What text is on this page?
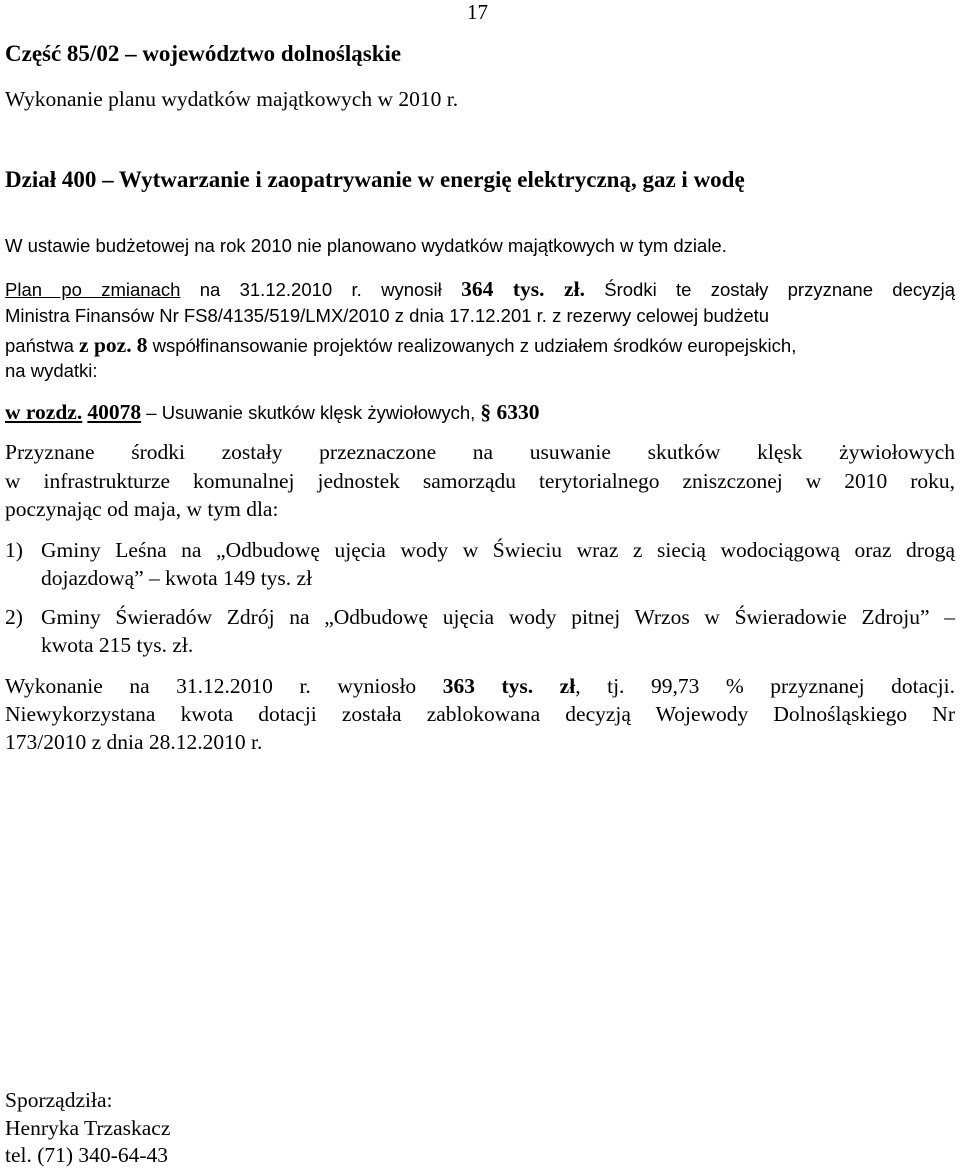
17
Część 85/02 – województwo dolnośląskie
Wykonanie planu wydatków majątkowych w 2010 r.
Dział 400 – Wytwarzanie i zaopatrywanie w energię elektryczną, gaz i wodę
W ustawie budżetowej na rok 2010 nie planowano wydatków majątkowych w tym dziale.
Plan po zmianach na 31.12.2010 r. wynosił 364 tys. zł. Środki te zostały przyznane decyzją
Ministra Finansów Nr FS8/4135/519/LMX/2010 z dnia 17.12.201 r. z rezerwy celowej budżetu
państwa z poz. 8 współfinansowanie projektów realizowanych z udziałem środków europejskich,
na wydatki:
w rozdz. 40078 – Usuwanie skutków klęsk żywiołowych, § 6330
Przyznane środki zostały przeznaczone na usuwanie skutków klęsk żywiołowych
w infrastrukturze komunalnej jednostek samorządu terytorialnego zniszczonej w 2010 roku,
poczynając od maja, w tym dla:
1) Gminy Leśna na „Odbudowę ujęcia wody w Świeciu wraz z siecią wodociągową oraz drogą
dojazdową” – kwota 149 tys. zł
2) Gminy Świeradów Zdrój na „Odbudowę ujęcia wody pitnej Wrzos w Świeradowie Zdroju” –
kwota 215 tys. zł.
Wykonanie na 31.12.2010 r. wyniosło 363 tys. zł, tj. 99,73 % przyznanej dotacji.
Niewykorzystana kwota dotacji została zablokowana decyzją Wojewody Dolnośląskiego Nr
173/2010 z dnia 28.12.2010 r.
Sporządziła:
Henryka Trzaskacz
tel. (71) 340-64-43
